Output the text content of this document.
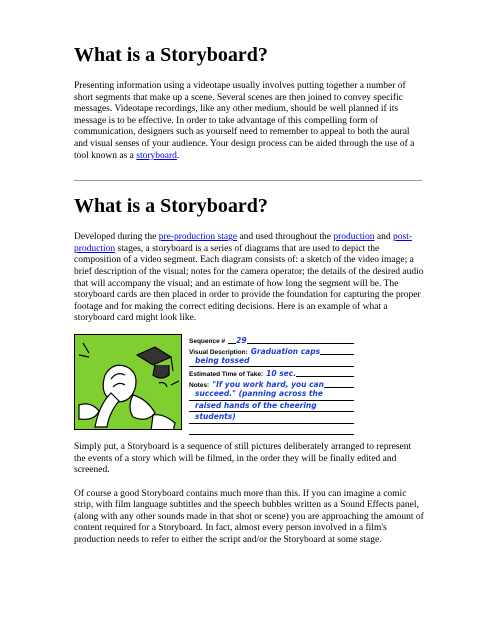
What is a Storyboard?

Presenting information using a videotape usually involves putting together a number of short segments that make up a scene. Several scenes are then joined to convey specific messages. Videotape recordings, like any other medium, should be well planned if its message is to be effective. In order to take advantage of this compelling form of communication, designers such as yourself need to remember to appeal to both the aural and visual senses of your audience. Your design process can be aided through the use of a tool known as a storyboard.

What is a Storyboard?

Developed during the pre-production stage and used throughout the production and post-production stages, a storyboard is a series of diagrams that are used to depict the composition of a video segment. Each diagram consists of: a sketch of the video image; a brief description of the visual; notes for the camera operator; the details of the desired audio that will accompany the visual; and an estimate of how long the segment will be. The storyboard cards are then placed in order to provide the foundation for capturing the proper footage and for making the correct editing decisions. Here is an example of what a storyboard card might look like.

Sequence #	29
Visual Description: Graduation caps
being tossed
Estimated Time of Take: 10 sec.
Notes: "If you work hard, you can
succeed." (panning across the
raised hands of the cheering
students)

Simply put, a Storyboard is a sequence of still pictures deliberately arranged to represent the events of a story which will be filmed, in the order they will be finally edited and screened.

Of course a good Storyboard contains much more than this. If you can imagine a comic strip, with film language subtitles and the speech bubbles written as a Sound Effects panel, (along with any other sounds made in that shot or scene) you are approaching the amount of content required for a Storyboard. In fact, almost every person involved in a film's production needs to refer to either the script and/or the Storyboard at some stage.
